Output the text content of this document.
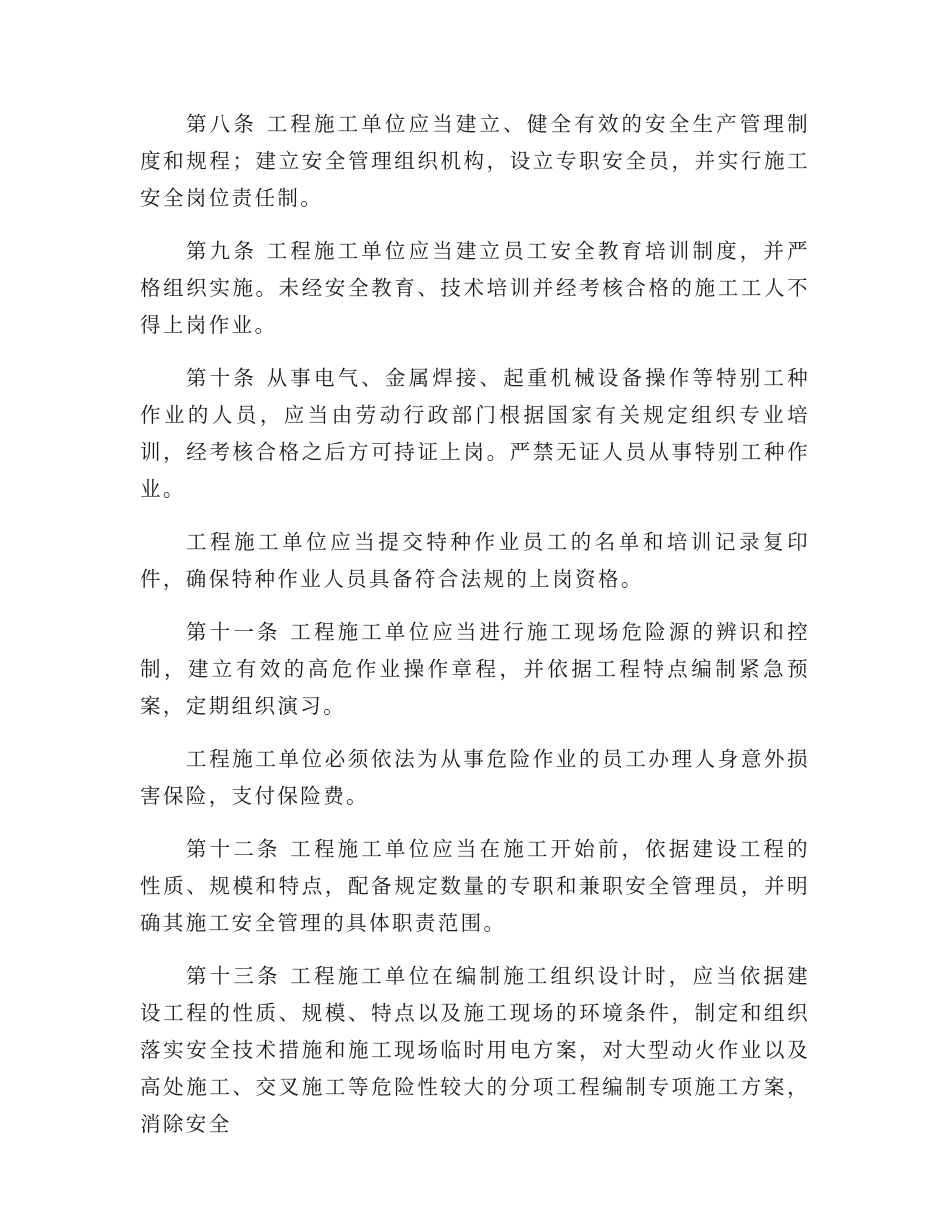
第八条 工程施工单位应当建立、健全有效的安全生产管理制度和规程；建立安全管理组织机构，设立专职安全员，并实行施工安全岗位责任制。

第九条 工程施工单位应当建立员工安全教育培训制度，并严格组织实施。未经安全教育、技术培训并经考核合格的施工工人不得上岗作业。

第十条 从事电气、金属焊接、起重机械设备操作等特别工种作业的人员，应当由劳动行政部门根据国家有关规定组织专业培训，经考核合格之后方可持证上岗。严禁无证人员从事特别工种作业。

工程施工单位应当提交特种作业员工的名单和培训记录复印件，确保特种作业人员具备符合法规的上岗资格。

第十一条 工程施工单位应当进行施工现场危险源的辨识和控制，建立有效的高危作业操作章程，并依据工程特点编制紧急预案，定期组织演习。

工程施工单位必须依法为从事危险作业的员工办理人身意外损害保险，支付保险费。

第十二条 工程施工单位应当在施工开始前，依据建设工程的性质、规模和特点，配备规定数量的专职和兼职安全管理员，并明确其施工安全管理的具体职责范围。

第十三条 工程施工单位在编制施工组织设计时，应当依据建设工程的性质、规模、特点以及施工现场的环境条件，制定和组织落实安全技术措施和施工现场临时用电方案，对大型动火作业以及高处施工、交叉施工等危险性较大的分项工程编制专项施工方案，消除安全
